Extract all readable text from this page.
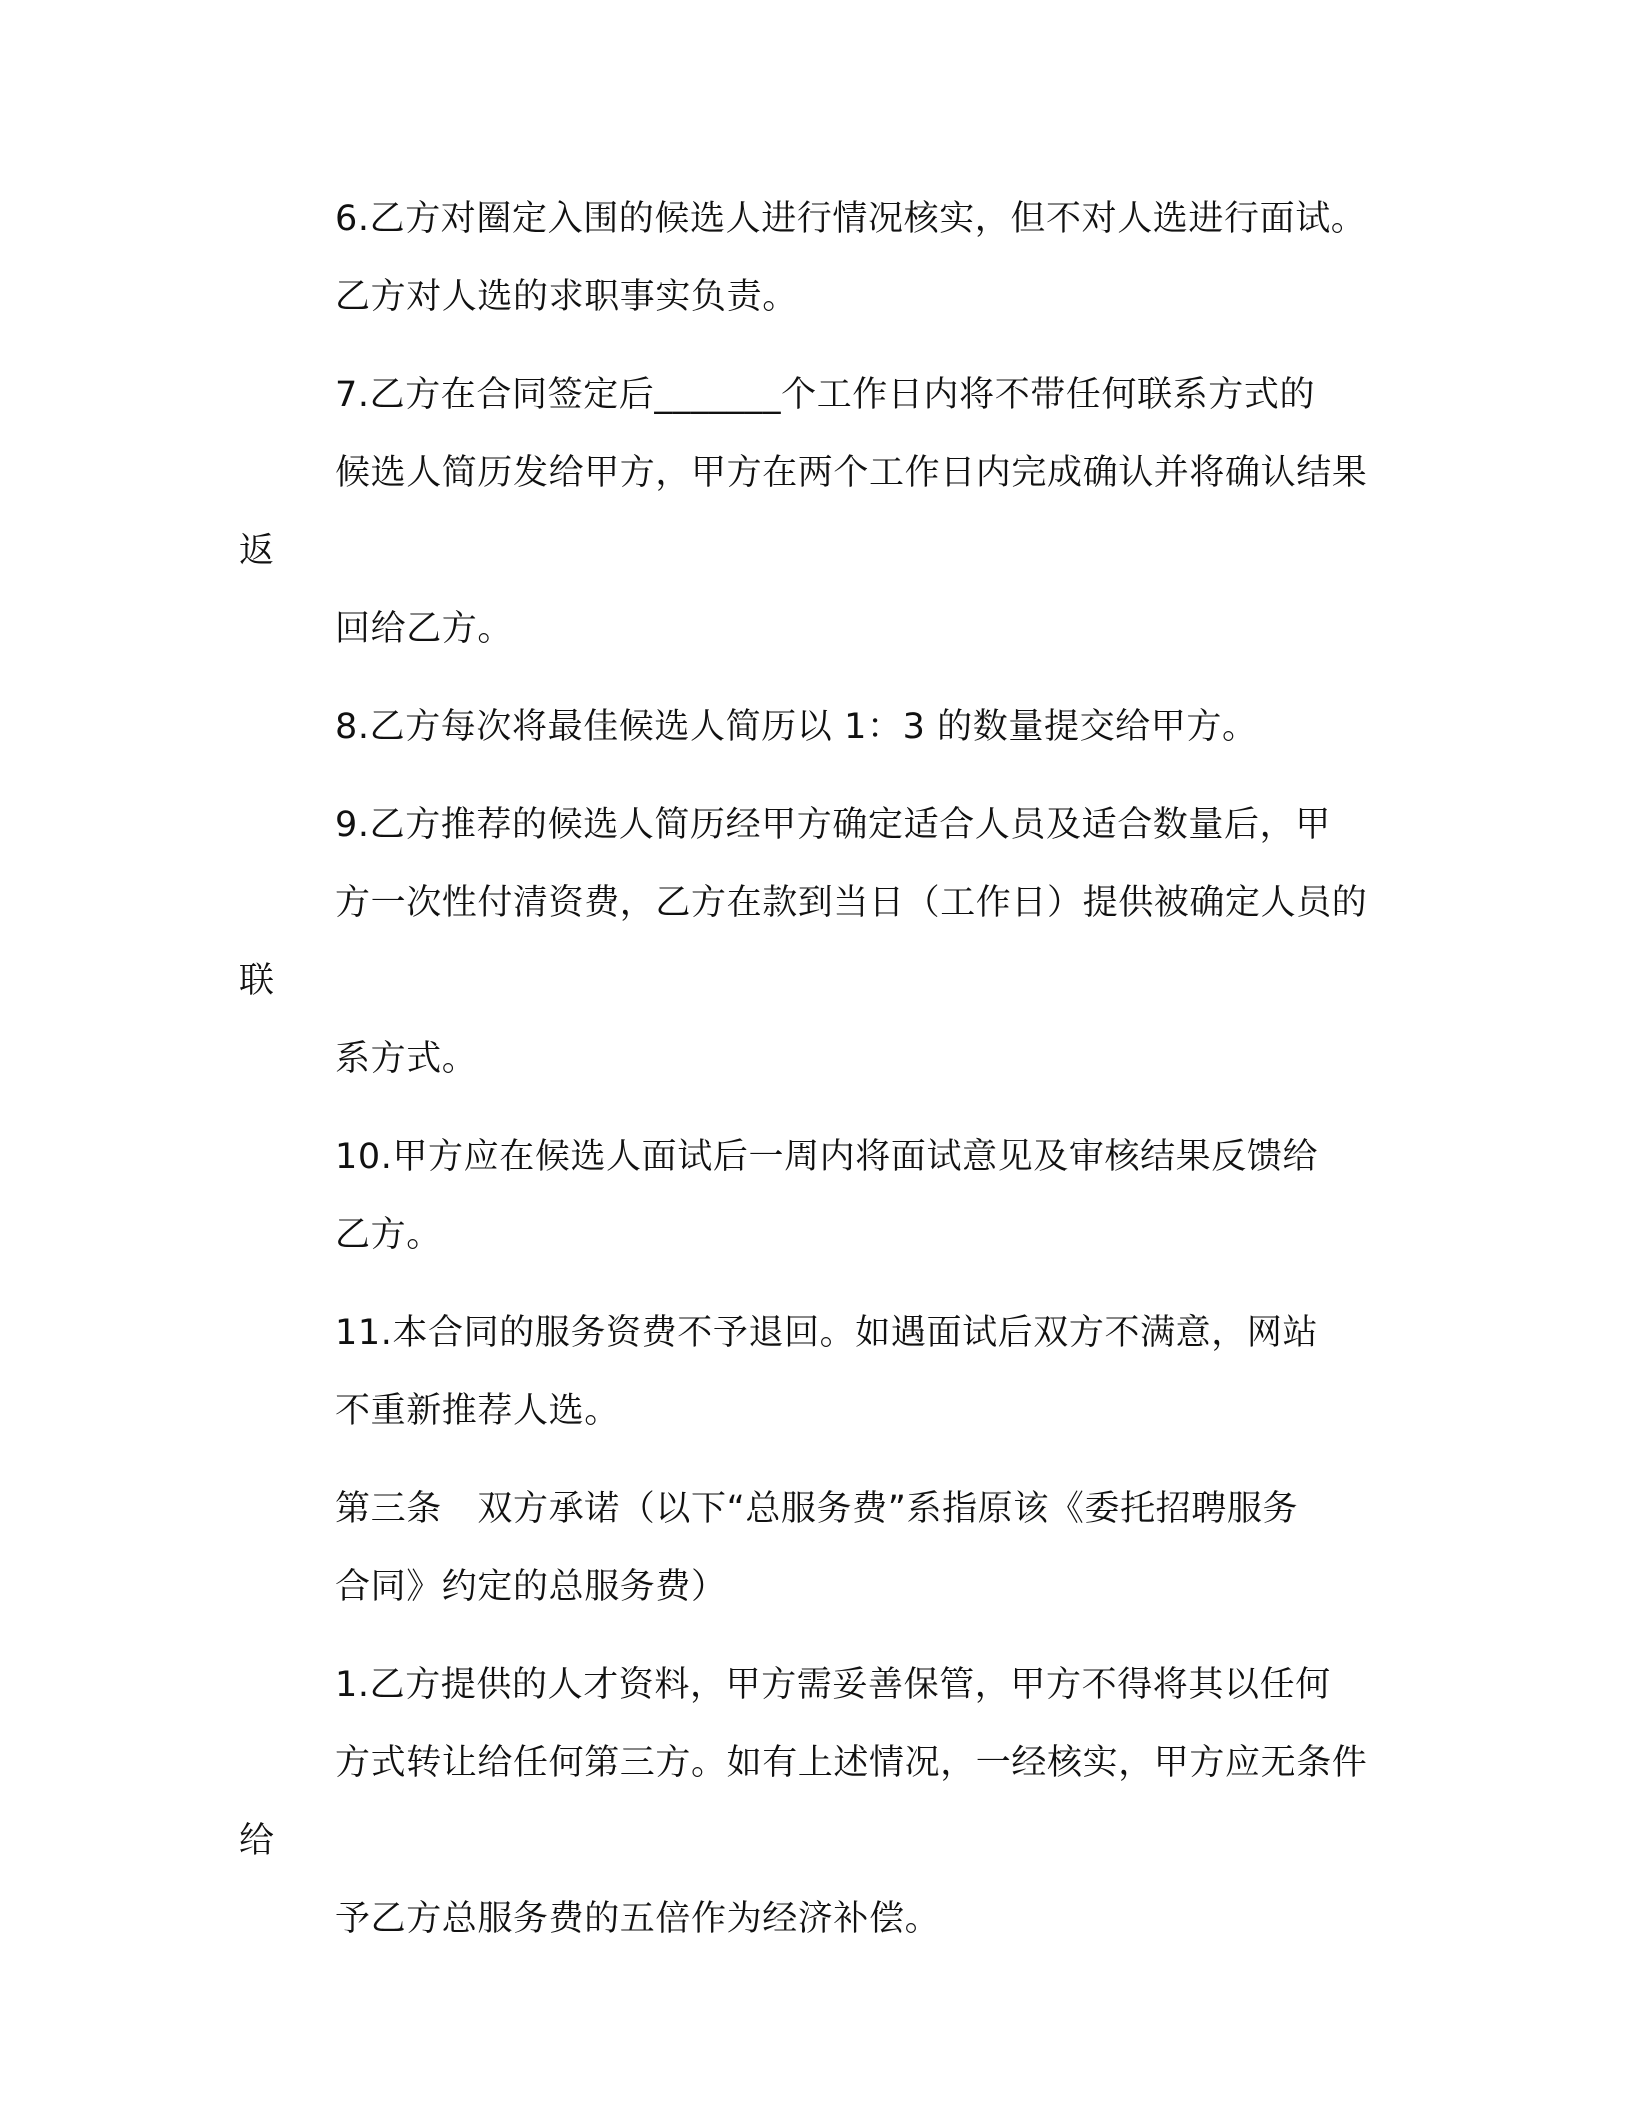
6.乙方对圈定入围的候选人进行情况核实，但不对人选进行面试。
乙方对人选的求职事实负责。

7.乙方在合同签定后_______个工作日内将不带任何联系方式的
候选人简历发给甲方，甲方在两个工作日内完成确认并将确认结果返
回给乙方。

8.乙方每次将最佳候选人简历以 1：3 的数量提交给甲方。

9.乙方推荐的候选人简历经甲方确定适合人员及适合数量后，甲
方一次性付清资费，乙方在款到当日（工作日）提供被确定人员的联
系方式。

10.甲方应在候选人面试后一周内将面试意见及审核结果反馈给
乙方。

11.本合同的服务资费不予退回。如遇面试后双方不满意，网站
不重新推荐人选。

第三条　双方承诺（以下“总服务费”系指原该《委托招聘服务
合同》约定的总服务费）

1.乙方提供的人才资料，甲方需妥善保管，甲方不得将其以任何
方式转让给任何第三方。如有上述情况，一经核实，甲方应无条件给
予乙方总服务费的五倍作为经济补偿。
